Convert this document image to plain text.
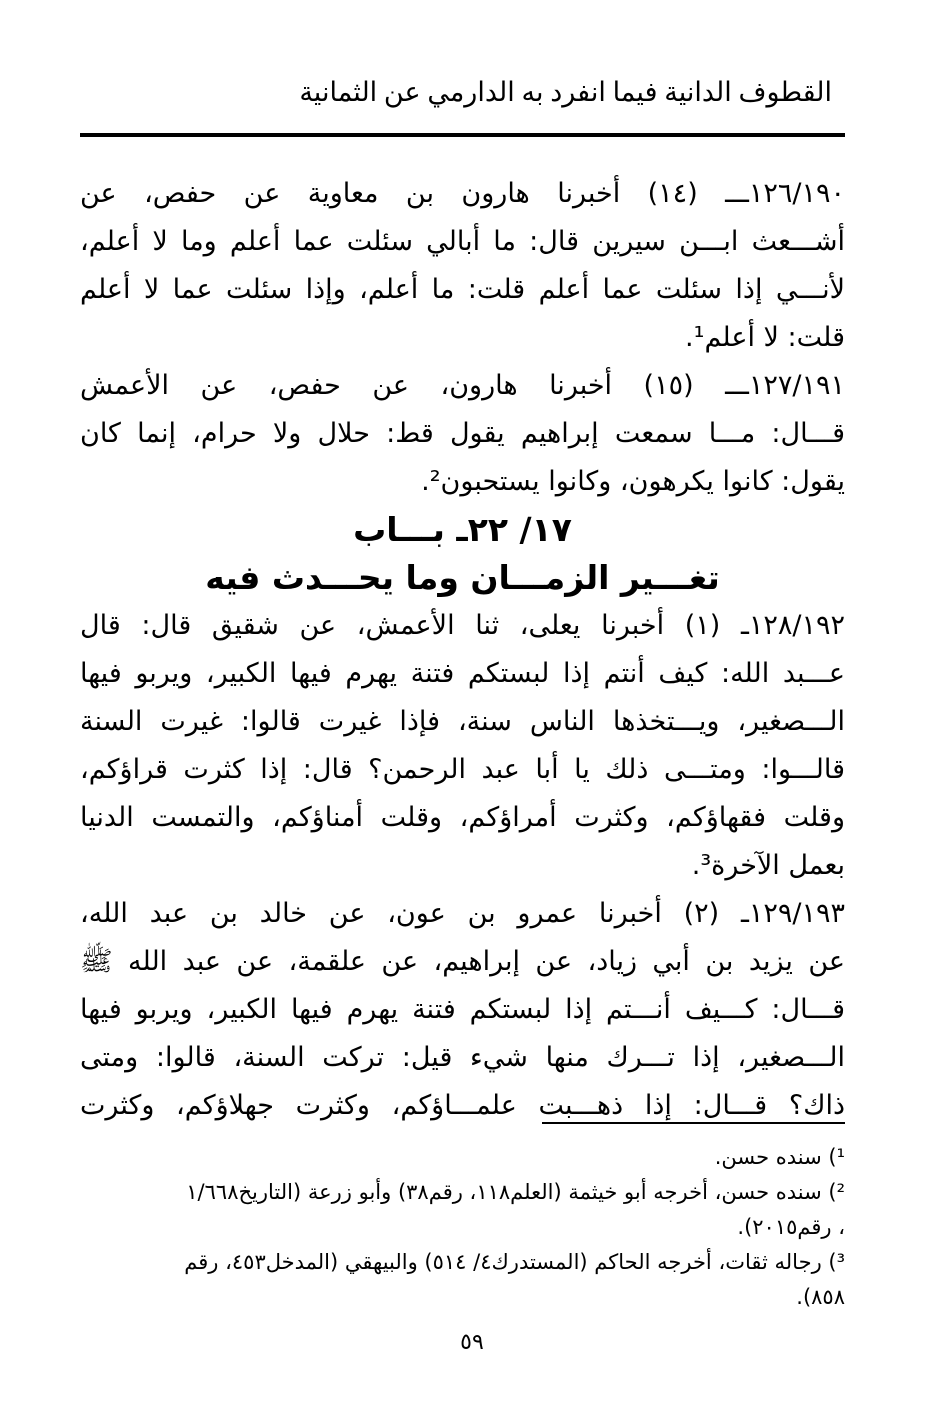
القطوف الدانية فيما انفرد به الدارمي عن الثمانية
١٢٦/١٩٠ـــ (١٤) أخبرنا هارون بن معاوية عن حفص، عن
أشـــعث ابـــن سيرين قال: ما أبالي سئلت عما أعلم وما لا أعلم،
لأنـــي إذا سئلت عما أعلم قلت: ما أعلم، وإذا سئلت عما لا أعلم
قلت: لا أعلم¹.
١٢٧/١٩١ـــ (١٥) أخبرنا هارون، عن حفص، عن الأعمش
قـــال: مـــا سمعت إبراهيم يقول قط: حلال ولا حرام، إنما كان
يقول: كانوا يكرهون، وكانوا يستحبون².
١٧/ ٢٢ـ بـــاب
تغـــير الزمـــان وما يحـــدث فيه
١٢٨/١٩٢ـ (١) أخبرنا يعلى، ثنا الأعمش، عن شقيق قال: قال
عـــبد الله: كيف أنتم إذا لبستكم فتنة يهرم فيها الكبير، ويربو فيها
الـــصغير، ويـــتخذها الناس سنة، فإذا غيرت قالوا: غيرت السنة
قالـــوا: ومتـــى ذلك يا أبا عبد الرحمن؟ قال: إذا كثرت قراؤكم،
وقلت فقهاؤكم، وكثرت أمراؤكم، وقلت أمناؤكم، والتمست الدنيا
بعمل الآخرة³.
١٢٩/١٩٣ـ (٢) أخبرنا عمرو بن عون، عن خالد بن عبد الله،
عن يزيد بن أبي زياد، عن إبراهيم، عن علقمة، عن عبد الله ﷺ
قـــال: كـــيف أنـــتم إذا لبستكم فتنة يهرم فيها الكبير، ويربو فيها
الـــصغير، إذا تـــرك منها شيء قيل: تركت السنة، قالوا: ومتى
ذاك؟ قـــال: إذا ذهـــبت علمـــاؤكم، وكثرت جهلاؤكم، وكثرت
¹) سنده حسن.
²) سنده حسن، أخرجه أبو خيثمة (العلم١١٨، رقم٣٨) وأبو زرعة (التاريخ١/٦٦٨
، رقم٢٠١٥).
³) رجاله ثقات، أخرجه الحاكم (المستدرك٤/ ٥١٤) والبيهقي (المدخل٤٥٣، رقم
٨٥٨).
٥٩
